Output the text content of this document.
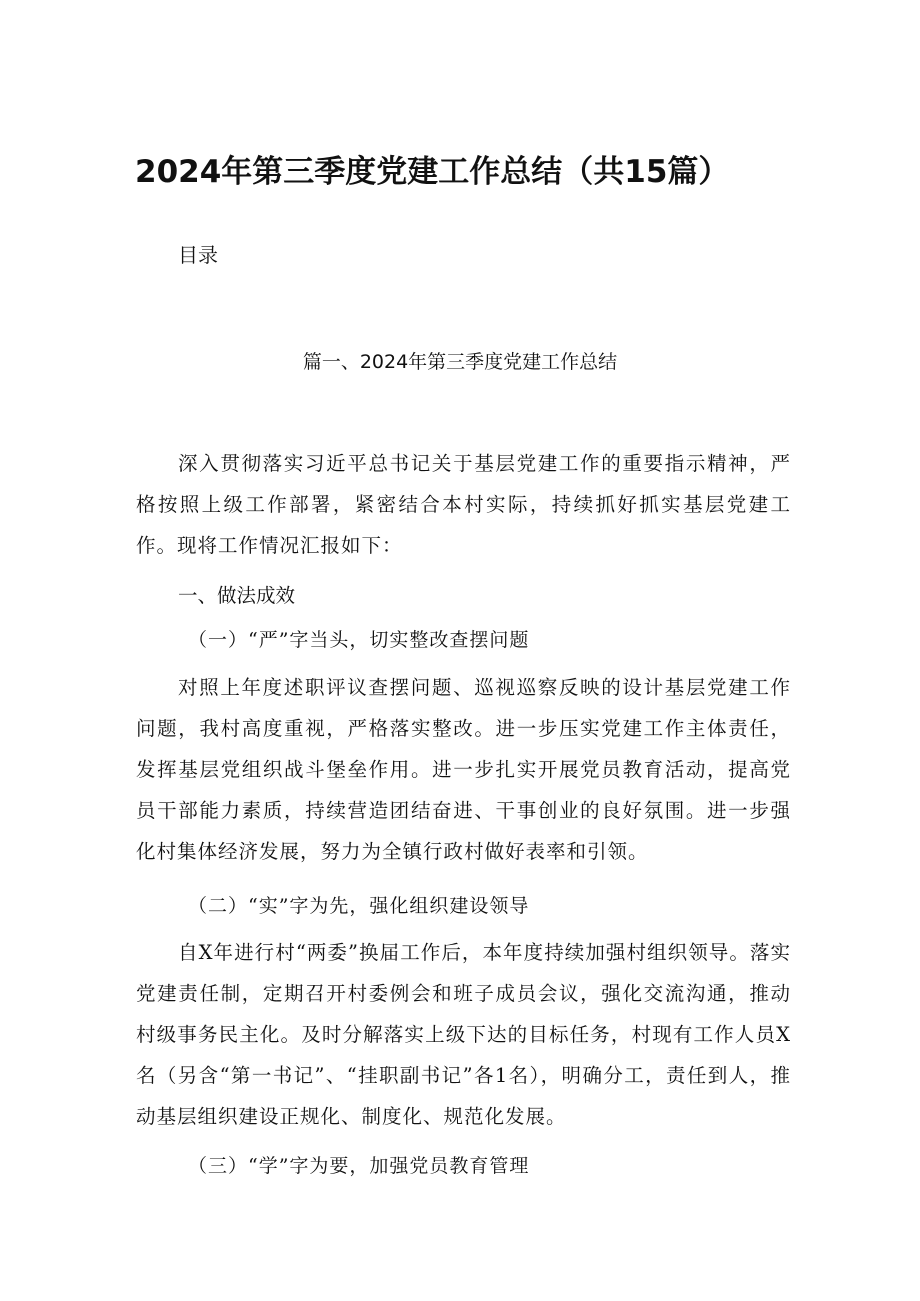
2024年第三季度党建工作总结（共15篇）
目录
篇一、2024年第三季度党建工作总结

深入贯彻落实习近平总书记关于基层党建工作的重要指示精神，严格按照上级工作部署，紧密结合本村实际，持续抓好抓实基层党建工作。现将工作情况汇报如下：

一、做法成效
（一）“严”字当头，切实整改查摆问题

对照上年度述职评议查摆问题、巡视巡察反映的设计基层党建工作问题，我村高度重视，严格落实整改。进一步压实党建工作主体责任，发挥基层党组织战斗堡垒作用。进一步扎实开展党员教育活动，提高党员干部能力素质，持续营造团结奋进、干事创业的良好氛围。进一步强化村集体经济发展，努力为全镇行政村做好表率和引领。

（二）“实”字为先，强化组织建设领导

自X年进行村“两委”换届工作后，本年度持续加强村组织领导。落实党建责任制，定期召开村委例会和班子成员会议，强化交流沟通，推动村级事务民主化。及时分解落实上级下达的目标任务，村现有工作人员X名（另含“第一书记”、“挂职副书记”各1名），明确分工，责任到人，推动基层组织建设正规化、制度化、规范化发展。

（三）“学”字为要，加强党员教育管理
